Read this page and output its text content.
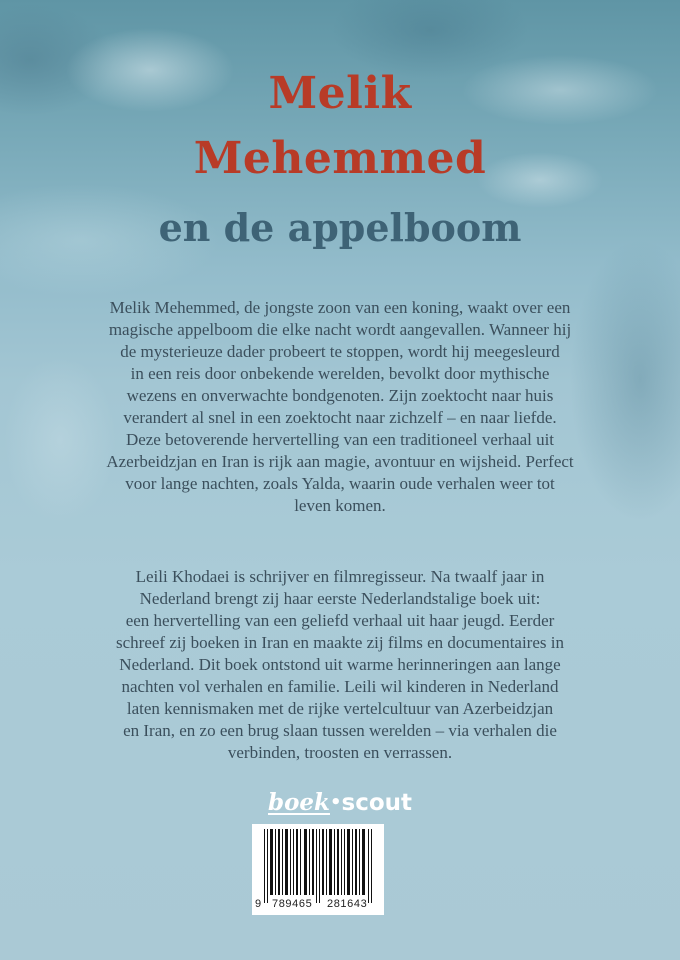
Melik
Mehemmed
en de appelboom
Melik Mehemmed, de jongste zoon van een koning, waakt over een
magische appelboom die elke nacht wordt aangevallen. Wanneer hij
de mysterieuze dader probeert te stoppen, wordt hij meegesleurd
in een reis door onbekende werelden, bevolkt door mythische
wezens en onverwachte bondgenoten. Zijn zoektocht naar huis
verandert al snel in een zoektocht naar zichzelf – en naar liefde.
Deze betoverende hervertelling van een traditioneel verhaal uit
Azerbeidzjan en Iran is rijk aan magie, avontuur en wijsheid. Perfect
voor lange nachten, zoals Yalda, waarin oude verhalen weer tot
leven komen.
Leili Khodaei is schrijver en filmregisseur. Na twaalf jaar in
Nederland brengt zij haar eerste Nederlandstalige boek uit:
een hervertelling van een geliefd verhaal uit haar jeugd. Eerder
schreef zij boeken in Iran en maakte zij films en documentaires in
Nederland. Dit boek ontstond uit warme herinneringen aan lange
nachten vol verhalen en familie. Leili wil kinderen in Nederland
laten kennismaken met de rijke vertelcultuur van Azerbeidzjan
en Iran, en zo een brug slaan tussen werelden – via verhalen die
verbinden, troosten en verrassen.
boek•scout
9 789465 281643
